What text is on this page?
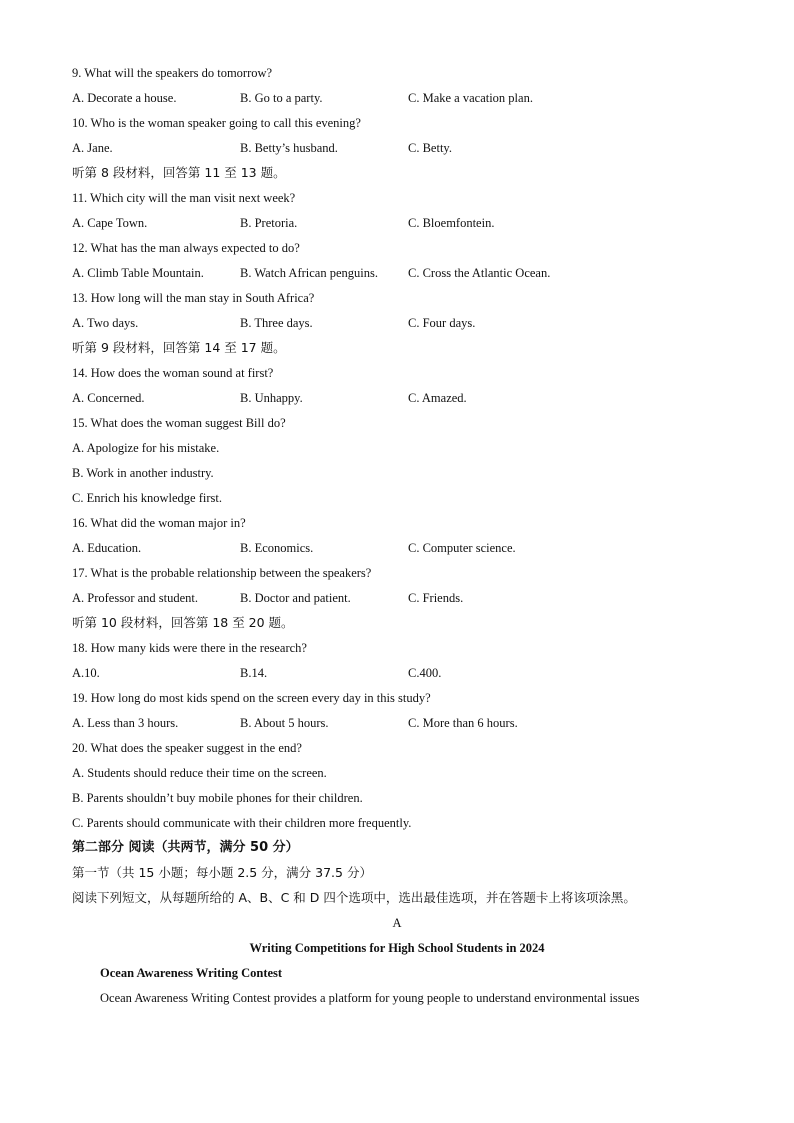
9. What will the speakers do tomorrow?
A. Decorate a house.	B. Go to a party.	C. Make a vacation plan.
10. Who is the woman speaker going to call this evening?
A. Jane.	B. Betty’s husband.	C. Betty.
听第 8 段材料，回答第 11 至 13 题。
11. Which city will the man visit next week?
A. Cape Town.	B. Pretoria.	C. Bloemfontein.
12. What has the man always expected to do?
A. Climb Table Mountain.	B. Watch African penguins.	C. Cross the Atlantic Ocean.
13. How long will the man stay in South Africa?
A. Two days.	B. Three days.	C. Four days.
听第 9 段材料，回答第 14 至 17 题。
14. How does the woman sound at first?
A. Concerned.	B. Unhappy.	C. Amazed.
15. What does the woman suggest Bill do?
A. Apologize for his mistake.
B. Work in another industry.
C. Enrich his knowledge first.
16. What did the woman major in?
A. Education.	B. Economics.	C. Computer science.
17. What is the probable relationship between the speakers?
A. Professor and student.	B. Doctor and patient.	C. Friends.
听第 10 段材料，回答第 18 至 20 题。
18. How many kids were there in the research?
A.10.	B.14.	C.400.
19. How long do most kids spend on the screen every day in this study?
A. Less than 3 hours.	B. About 5 hours.	C. More than 6 hours.
20. What does the speaker suggest in the end?
A. Students should reduce their time on the screen.
B. Parents shouldn’t buy mobile phones for their children.
C. Parents should communicate with their children more frequently.
第二部分 阅读（共两节，满分 50 分）
第一节（共 15 小题；每小题 2.5 分，满分 37.5 分）
阅读下列短文，从每题所给的 A、B、C 和 D 四个选项中，选出最佳选项，并在答题卡上将该项涂黑。
A
Writing Competitions for High School Students in 2024
Ocean Awareness Writing Contest
Ocean Awareness Writing Contest provides a platform for young people to understand environmental issues
